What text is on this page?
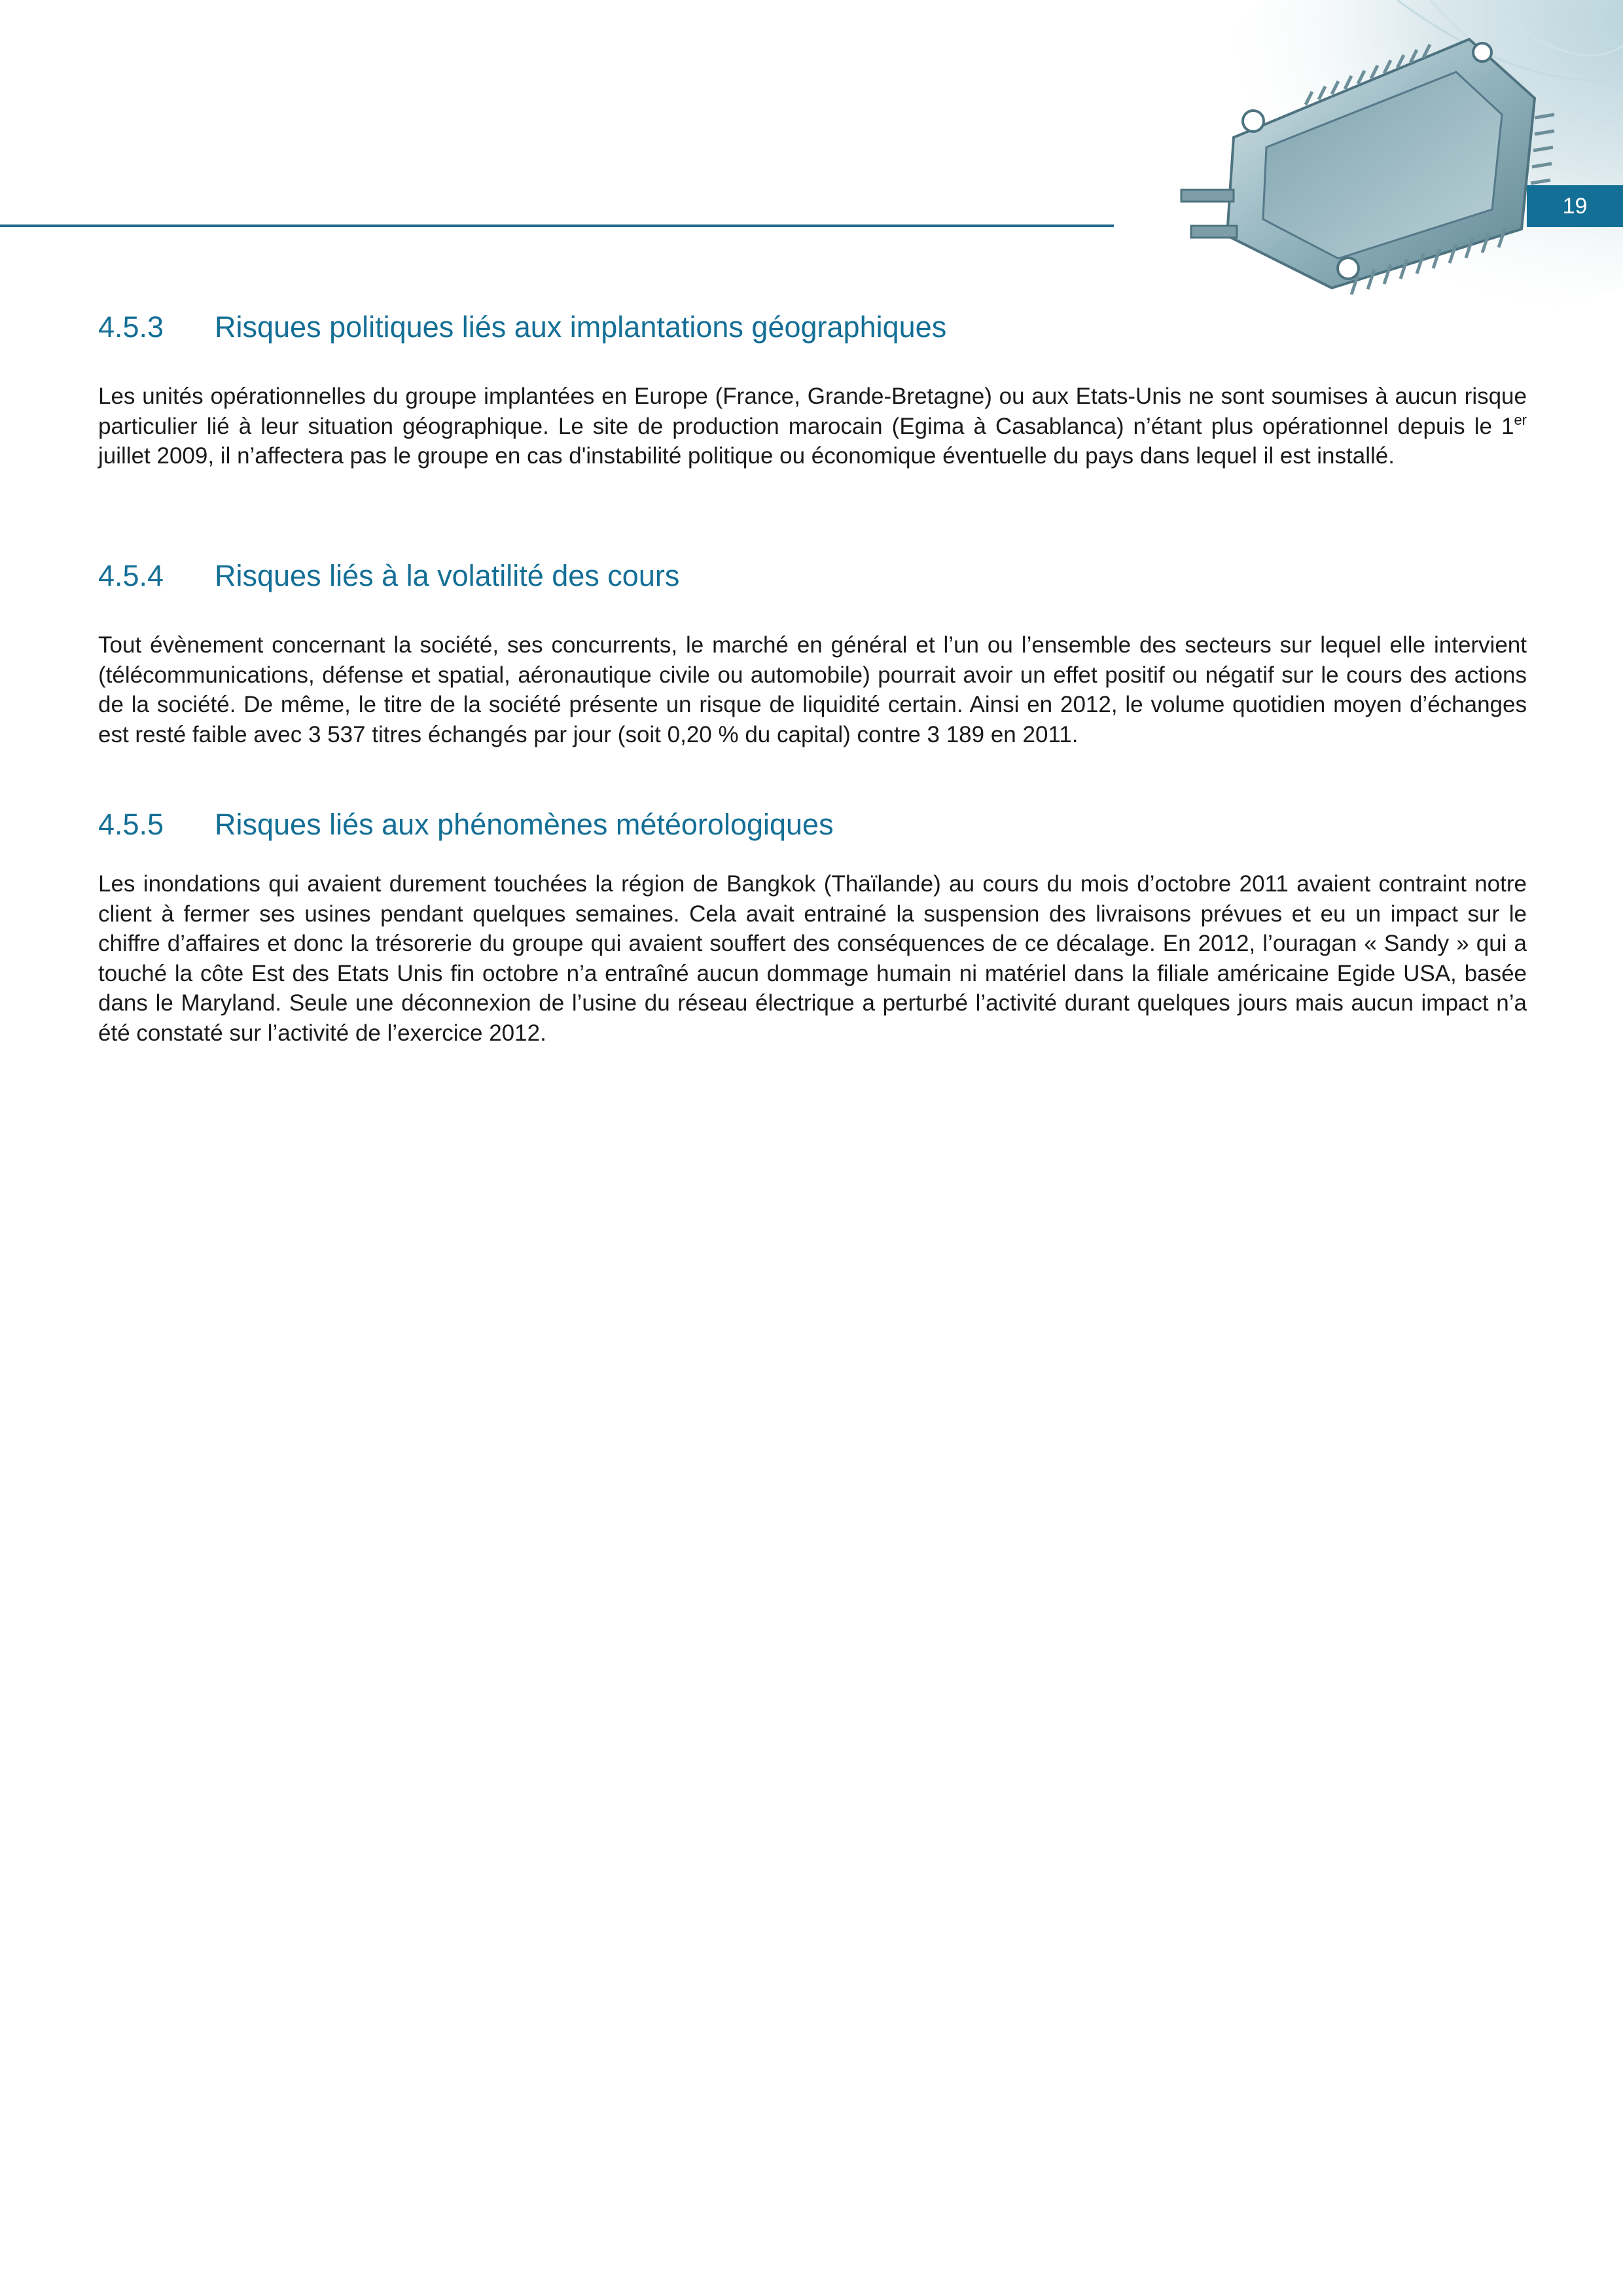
19
4.5.3	Risques politiques liés aux implantations géographiques

Les unités opérationnelles du groupe implantées en Europe (France, Grande-Bretagne) ou aux Etats-Unis ne sont soumises à aucun risque particulier lié à leur situation géographique. Le site de production marocain (Egima à Casablanca) n’étant plus opérationnel depuis le 1er juillet 2009, il n’affectera pas le groupe en cas d'instabilité politique ou économique éventuelle du pays dans lequel il est installé.

4.5.4	Risques liés à la volatilité des cours

Tout évènement concernant la société, ses concurrents, le marché en général et l’un ou l’ensemble des secteurs sur lequel elle intervient (télécommunications, défense et spatial, aéronautique civile ou automobile) pourrait avoir un effet positif ou négatif sur le cours des actions de la société. De même, le titre de la société présente un risque de liquidité certain. Ainsi en 2012, le volume quotidien moyen d’échanges est resté faible avec 3 537 titres échangés par jour (soit 0,20 % du capital) contre 3 189 en 2011.

4.5.5	Risques liés aux phénomènes météorologiques

Les inondations qui avaient durement touchées la région de Bangkok (Thaïlande) au cours du mois d’octobre 2011 avaient contraint notre client à fermer ses usines pendant quelques semaines. Cela avait entrainé la suspension des livraisons prévues et eu un impact sur le chiffre d’affaires et donc la trésorerie du groupe qui avaient souffert des conséquences de ce décalage. En 2012, l’ouragan « Sandy » qui a touché la côte Est des Etats Unis fin octobre n’a entraîné aucun dommage humain ni matériel dans la filiale américaine Egide USA, basée dans le Maryland. Seule une déconnexion de l’usine du réseau électrique a perturbé l’activité durant quelques jours mais aucun impact n’a été constaté sur l’activité de l’exercice 2012.
